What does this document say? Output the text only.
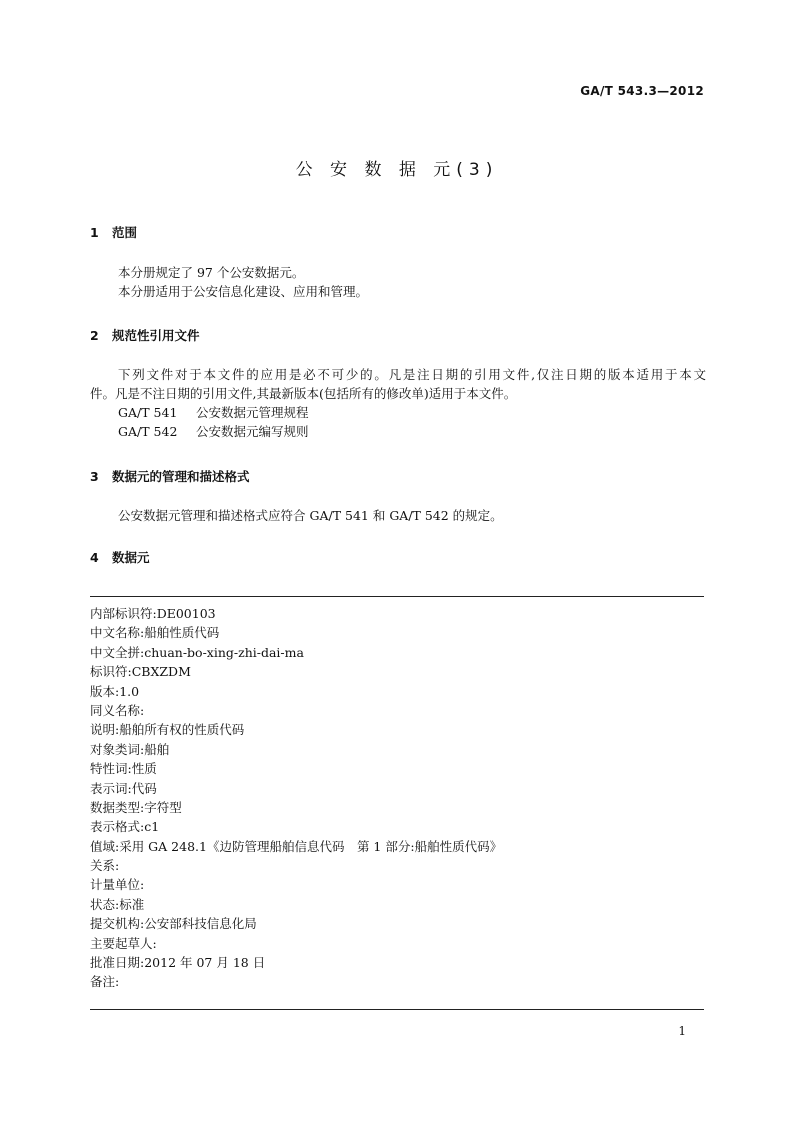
GA/T 543.3—2012
公 安 数 据 元(3)
1 范围
本分册规定了 97 个公安数据元。
本分册适用于公安信息化建设、应用和管理。
2 规范性引用文件
下列文件对于本文件的应用是必不可少的。凡是注日期的引用文件,仅注日期的版本适用于本文
件。凡是不注日期的引用文件,其最新版本(包括所有的修改单)适用于本文件。
GA/T 541 公安数据元管理规程
GA/T 542 公安数据元编写规则
3 数据元的管理和描述格式
公安数据元管理和描述格式应符合 GA/T 541 和 GA/T 542 的规定。
4 数据元
内部标识符:DE00103
中文名称:船舶性质代码
中文全拼:chuan-bo-xing-zhi-dai-ma
标识符:CBXZDM
版本:1.0
同义名称:
说明:船舶所有权的性质代码
对象类词:船舶
特性词:性质
表示词:代码
数据类型:字符型
表示格式:c1
值域:采用 GA 248.1《边防管理船舶信息代码　第 1 部分:船舶性质代码》
关系:
计量单位:
状态:标准
提交机构:公安部科技信息化局
主要起草人:
批准日期:2012 年 07 月 18 日
备注:
1
